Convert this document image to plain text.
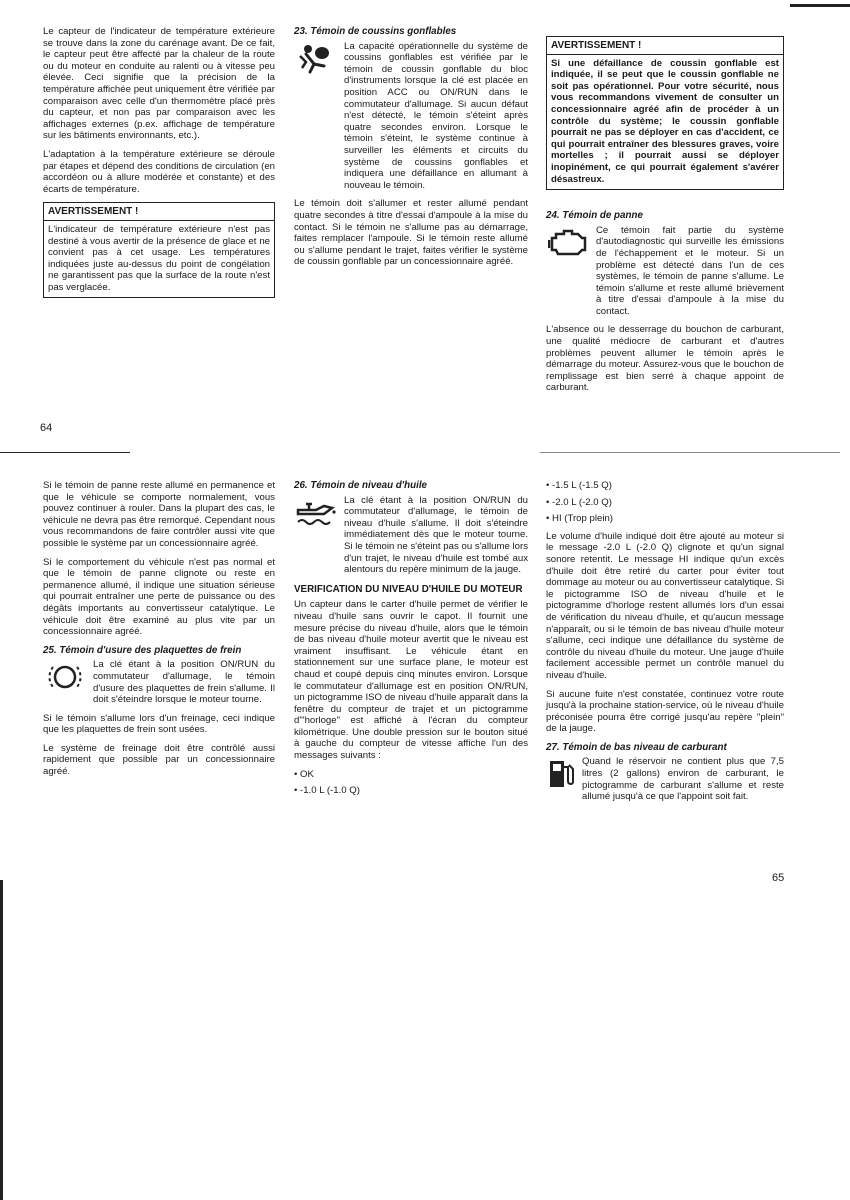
Le capteur de l'indicateur de température extérieure se trouve dans la zone du carénage avant. De ce fait, le capteur peut être affecté par la chaleur de la route ou du moteur en conduite au ralenti ou à vitesse peu élevée. Ceci signifie que la précision de la température affichée peut uniquement être vérifiée par comparaison avec celle d'un thermomètre placé près du capteur, et non pas par comparaison avec les affichages externes (p.ex. affichage de température sur les bâtiments environnants, etc.).

L'adaptation à la température extérieure se déroule par étapes et dépend des conditions de circulation (en accordéon ou à allure modérée et constante) et des écarts de température.

AVERTISSEMENT !
L'indicateur de température extérieure n'est pas destiné à vous avertir de la présence de glace et ne convient pas à cet usage. Les températures indiquées juste au-dessus du point de congélation ne garantissent pas que la surface de la route n'est pas verglacée.
23. Témoin de coussins gonflables

La capacité opérationnelle du système de coussins gonflables est vérifiée par le témoin de coussin gonflable du bloc d'instruments lorsque la clé est placée en position ACC ou ON/RUN dans le commutateur d'allumage. Si aucun défaut n'est détecté, le témoin s'éteint après quatre secondes environ. Lorsque le témoin s'éteint, le système continue à surveiller les éléments et circuits du système de coussins gonflables et indiquera une défaillance en allumant à nouveau le témoin.

Le témoin doit s'allumer et rester allumé pendant quatre secondes à titre d'essai d'ampoule à la mise du contact. Si le témoin ne s'allume pas au démarrage, faites remplacer l'ampoule. Si le témoin reste allumé ou s'allume pendant le trajet, faites vérifier le système de coussin gonflable par un concessionnaire agréé.

AVERTISSEMENT !
Si une défaillance de coussin gonflable est indiquée, il se peut que le coussin gonflable ne soit pas opérationnel. Pour votre sécurité, nous vous recommandons vivement de consulter un concessionnaire agréé afin de procéder à un contrôle du système; le coussin gonflable pourrait ne pas se déployer en cas d'accident, ce qui pourrait entraîner des blessures graves, voire mortelles ; il pourrait aussi se déployer inopinément, ce qui pourrait également s'avérer désastreux.
24. Témoin de panne

Ce témoin fait partie du système d'autodiagnostic qui surveille les émissions de l'échappement et le moteur. Si un problème est détecté dans l'un de ces systèmes, le témoin de panne s'allume. Le témoin s'allume et reste allumé brièvement à titre d'essai d'ampoule à la mise du contact.

L'absence ou le desserrage du bouchon de carburant, une qualité médiocre de carburant et d'autres problèmes peuvent allumer le témoin après le démarrage du moteur. Assurez-vous que le bouchon de remplissage est bien serré à chaque appoint de carburant.

64

Si le témoin de panne reste allumé en permanence et que le véhicule se comporte normalement, vous pouvez continuer à rouler. Dans la plupart des cas, le véhicule ne devra pas être remorqué. Cependant nous vous recommandons de faire contrôler aussi vite que possible le système par un concessionnaire agréé.

Si le comportement du véhicule n'est pas normal et que le témoin de panne clignote ou reste en permanence allumé, il indique une situation sérieuse qui pourrait entraîner une perte de puissance ou des dégâts importants au convertisseur catalytique. Le véhicule doit être examiné au plus vite par un concessionnaire agréé.

25. Témoin d'usure des plaquettes de frein

La clé étant à la position ON/RUN du commutateur d'allumage, le témoin d'usure des plaquettes de frein s'allume. Il doit s'éteindre lorsque le moteur tourne.

Si le témoin s'allume lors d'un freinage, ceci indique que les plaquettes de frein sont usées.

Le système de freinage doit être contrôlé aussi rapidement que possible par un concessionnaire agréé.

26. Témoin de niveau d'huile

La clé étant à la position ON/RUN du commutateur d'allumage, le témoin de niveau d'huile s'allume. Il doit s'éteindre immédiatement dès que le moteur tourne. Si le témoin ne s'éteint pas ou s'allume lors d'un trajet, le niveau d'huile est tombé aux alentours du repère minimum de la jauge.

VERIFICATION DU NIVEAU D'HUILE DU MOTEUR

Un capteur dans le carter d'huile permet de vérifier le niveau d'huile sans ouvrir le capot. Il fournit une mesure précise du niveau d'huile, alors que le témoin de bas niveau d'huile moteur avertit que le niveau est vraiment insuffisant. Le véhicule étant en stationnement sur une surface plane, le moteur est chaud et coupé depuis cinq minutes environ. Lorsque le commutateur d'allumage est en position ON/RUN, un pictogramme ISO de niveau d'huile apparaît dans la fenêtre du compteur de trajet et un pictogramme d'"horloge" est affiché à l'écran du compteur kilométrique. Une double pression sur le bouton situé à gauche du compteur de vitesse affiche l'un des messages suivants :

• OK
• -1.0 L (-1.0 Q)
• -1.5 L (-1.5 Q)
• -2.0 L (-2.0 Q)
• HI (Trop plein)

Le volume d'huile indiqué doit être ajouté au moteur si le message -2.0 L (-2.0 Q) clignote et qu'un signal sonore retentit. Le message HI indique qu'un excès d'huile doit être retiré du carter pour éviter tout dommage au moteur ou au convertisseur catalytique. Si le pictogramme ISO de niveau d'huile et le pictogramme d'horloge restent allumés lors d'un essai de vérification du niveau d'huile, et qu'aucun message n'apparaît, ou si le témoin de bas niveau d'huile moteur s'allume, ceci indique une défaillance du système de contrôle du niveau d'huile du moteur. Une jauge d'huile facilement accessible permet un contrôle manuel du niveau d'huile.

Si aucune fuite n'est constatée, continuez votre route jusqu'à la prochaine station-service, où le niveau d'huile préconisée pourra être corrigé jusqu'au repère "plein" de la jauge.

27. Témoin de bas niveau de carburant

Quand le réservoir ne contient plus que 7,5 litres (2 gallons) environ de carburant, le pictogramme de carburant s'allume et reste allumé jusqu'à ce que l'appoint soit fait.

65
